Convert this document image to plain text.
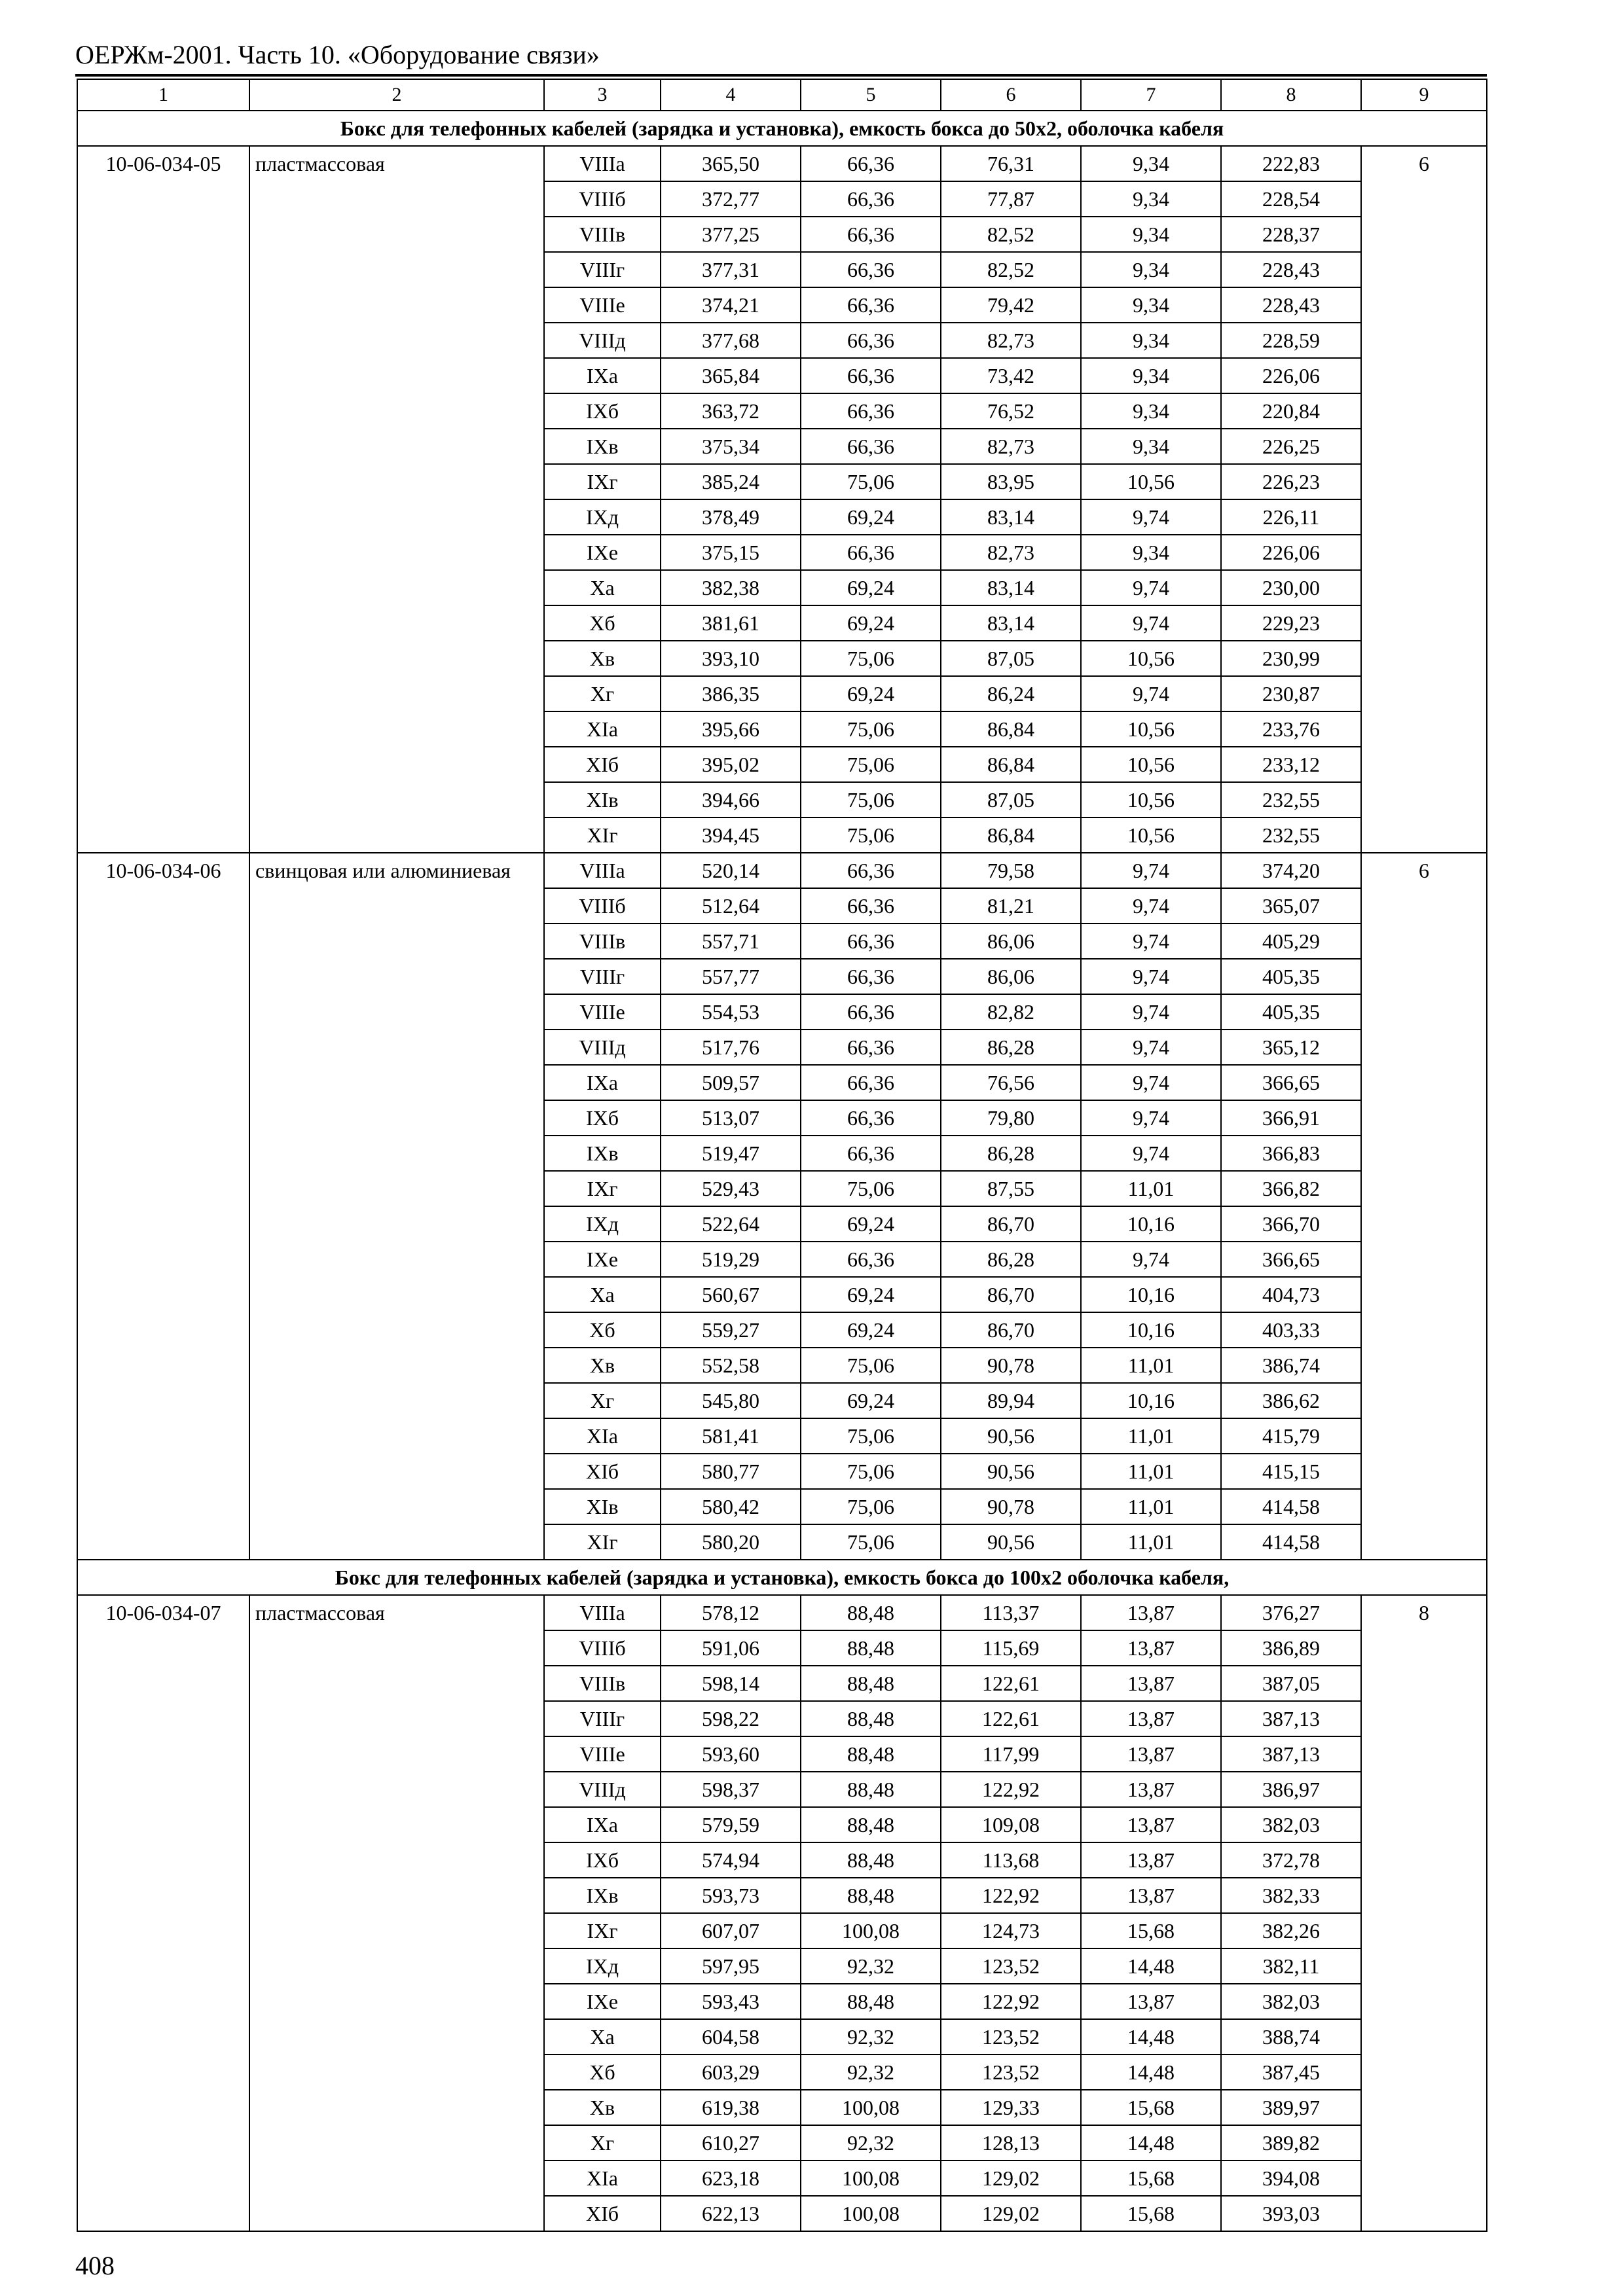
ОЕРЖм-2001. Часть 10. «Оборудование связи»
1	2	3	4	5	6	7	8	9
Бокс для телефонных кабелей (зарядка и установка), емкость бокса до 50х2, оболочка кабеля								
10-06-034-05	пластмассовая	VIIIа	365,50	66,36	76,31	9,34	222,83	6
		VIIIб	372,77	66,36	77,87	9,34	228,54	
		VIIIв	377,25	66,36	82,52	9,34	228,37	
		VIIIг	377,31	66,36	82,52	9,34	228,43	
		VIIIе	374,21	66,36	79,42	9,34	228,43	
		VIIIд	377,68	66,36	82,73	9,34	228,59	
		IXа	365,84	66,36	73,42	9,34	226,06	
		IXб	363,72	66,36	76,52	9,34	220,84	
		IXв	375,34	66,36	82,73	9,34	226,25	
		IXг	385,24	75,06	83,95	10,56	226,23	
		IXд	378,49	69,24	83,14	9,74	226,11	
		IXе	375,15	66,36	82,73	9,34	226,06	
		Xа	382,38	69,24	83,14	9,74	230,00	
		Xб	381,61	69,24	83,14	9,74	229,23	
		Xв	393,10	75,06	87,05	10,56	230,99	
		Xг	386,35	69,24	86,24	9,74	230,87	
		XIа	395,66	75,06	86,84	10,56	233,76	
		XIб	395,02	75,06	86,84	10,56	233,12	
		XIв	394,66	75,06	87,05	10,56	232,55	
		XIг	394,45	75,06	86,84	10,56	232,55	
10-06-034-06	свинцовая или алюминиевая	VIIIа	520,14	66,36	79,58	9,74	374,20	6
		VIIIб	512,64	66,36	81,21	9,74	365,07	
		VIIIв	557,71	66,36	86,06	9,74	405,29	
		VIIIг	557,77	66,36	86,06	9,74	405,35	
		VIIIе	554,53	66,36	82,82	9,74	405,35	
		VIIIд	517,76	66,36	86,28	9,74	365,12	
		IXа	509,57	66,36	76,56	9,74	366,65	
		IXб	513,07	66,36	79,80	9,74	366,91	
		IXв	519,47	66,36	86,28	9,74	366,83	
		IXг	529,43	75,06	87,55	11,01	366,82	
		IXд	522,64	69,24	86,70	10,16	366,70	
		IXе	519,29	66,36	86,28	9,74	366,65	
		Xа	560,67	69,24	86,70	10,16	404,73	
		Xб	559,27	69,24	86,70	10,16	403,33	
		Xв	552,58	75,06	90,78	11,01	386,74	
		Xг	545,80	69,24	89,94	10,16	386,62	
		XIа	581,41	75,06	90,56	11,01	415,79	
		XIб	580,77	75,06	90,56	11,01	415,15	
		XIв	580,42	75,06	90,78	11,01	414,58	
		XIг	580,20	75,06	90,56	11,01	414,58	
Бокс для телефонных кабелей (зарядка и установка), емкость бокса до 100х2 оболочка кабеля,								
10-06-034-07	пластмассовая	VIIIа	578,12	88,48	113,37	13,87	376,27	8
		VIIIб	591,06	88,48	115,69	13,87	386,89	
		VIIIв	598,14	88,48	122,61	13,87	387,05	
		VIIIг	598,22	88,48	122,61	13,87	387,13	
		VIIIе	593,60	88,48	117,99	13,87	387,13	
		VIIIд	598,37	88,48	122,92	13,87	386,97	
		IXа	579,59	88,48	109,08	13,87	382,03	
		IXб	574,94	88,48	113,68	13,87	372,78	
		IXв	593,73	88,48	122,92	13,87	382,33	
		IXг	607,07	100,08	124,73	15,68	382,26	
		IXд	597,95	92,32	123,52	14,48	382,11	
		IXе	593,43	88,48	122,92	13,87	382,03	
		Xа	604,58	92,32	123,52	14,48	388,74	
		Xб	603,29	92,32	123,52	14,48	387,45	
		Xв	619,38	100,08	129,33	15,68	389,97	
		Xг	610,27	92,32	128,13	14,48	389,82	
		XIа	623,18	100,08	129,02	15,68	394,08	
		XIб	622,13	100,08	129,02	15,68	393,03	
408
